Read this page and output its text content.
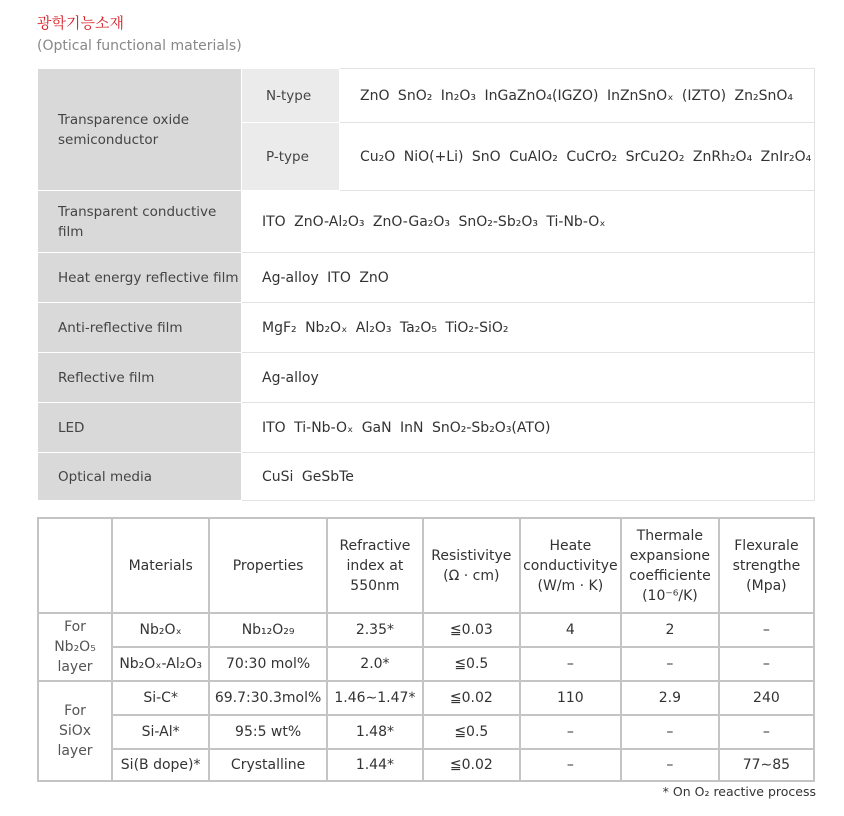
광학기능소재
(Optical functional materials)
Transparence oxide semiconductor	N-type	ZnO SnO₂ In₂O₃ InGaZnO₄(IGZO) InZnSnOₓ (IZTO) Zn₂SnO₄
	P-type	Cu₂O NiO(+Li) SnO CuAlO₂ CuCrO₂ SrCu2O₂ ZnRh₂O₄ ZnIr₂O₄
Transparent conductive film	ITO ZnO-Al₂O₃ ZnO-Ga₂O₃ SnO₂-Sb₂O₃ Ti-Nb-Oₓ	
Heat energy reflective film	Ag-alloy ITO ZnO	
Anti-reflective film	MgF₂ Nb₂Oₓ Al₂O₃ Ta₂O₅ TiO₂-SiO₂	
Reflective film	Ag-alloy	
LED	ITO Ti-Nb-Oₓ GaN InN SnO₂-Sb₂O₃(ATO)	
Optical media	CuSi GeSbTe	
	Materials	Properties	Refractive index at 550nm	Resistivitye (Ω · cm)	Heate conductivitye (W/m · K)	Thermale expansione coefficiente (10⁻⁶/K)	Flexurale strengthe (Mpa)
For Nb₂O₅ layer	Nb₂Oₓ	Nb₁₂O₂₉	2.35*	≦0.03	4	2	–
	Nb₂Oₓ-Al₂O₃	70:30 mol%	2.0*	≦0.5	–	–	–
For SiOx layer	Si-C*	69.7:30.3mol%	1.46∼1.47*	≦0.02	110	2.9	240
	Si-Al*	95:5 wt%	1.48*	≦0.5	–	–	–
	Si(B dope)*	Crystalline	1.44*	≦0.02	–	–	77∼85
* On O₂ reactive process
